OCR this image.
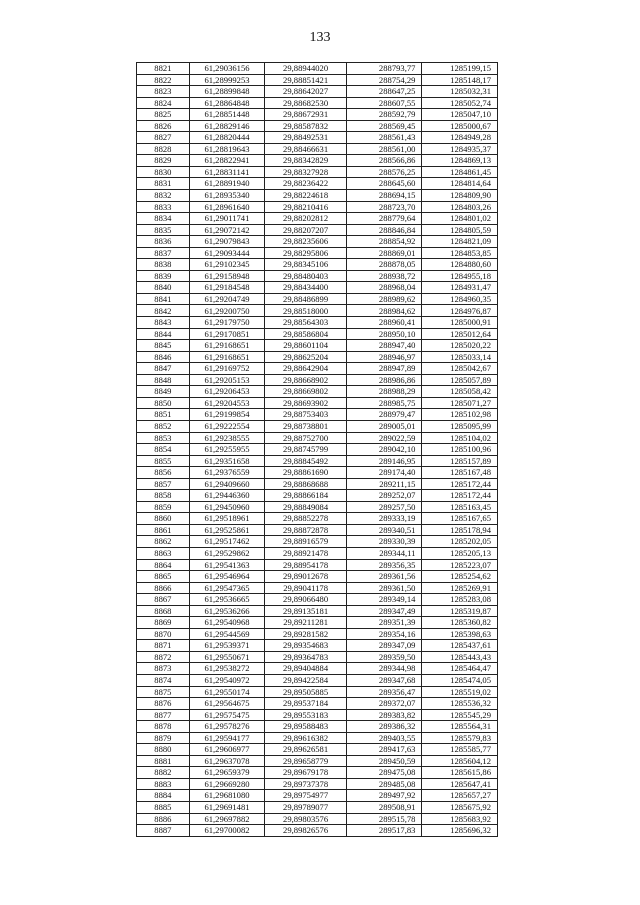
133
8821	61,29036156	29,88944020	288793,77	1285199,15
8822	61,28999253	29,88851421	288754,29	1285148,17
8823	61,28899848	29,88642027	288647,25	1285032,31
8824	61,28864848	29,88682530	288607,55	1285052,74
8825	61,28851448	29,88672931	288592,79	1285047,10
8826	61,28829146	29,88587832	288569,45	1285000,67
8827	61,28820444	29,88492531	288561,43	1284949,28
8828	61,28819643	29,88466631	288561,00	1284935,37
8829	61,28822941	29,88342829	288566,86	1284869,13
8830	61,28831141	29,88327928	288576,25	1284861,45
8831	61,28891940	29,88236422	288645,60	1284814,64
8832	61,28935340	29,88224618	288694,15	1284809,90
8833	61,28961640	29,88210416	288723,70	1284803,26
8834	61,29011741	29,88202812	288779,64	1284801,02
8835	61,29072142	29,88207207	288846,84	1284805,59
8836	61,29079843	29,88235606	288854,92	1284821,09
8837	61,29093444	29,88295806	288869,01	1284853,85
8838	61,29102345	29,88345106	288878,05	1284880,60
8839	61,29158948	29,88480403	288938,72	1284955,18
8840	61,29184548	29,88434400	288968,04	1284931,47
8841	61,29204749	29,88486899	288989,62	1284960,35
8842	61,29200750	29,88518000	288984,62	1284976,87
8843	61,29179750	29,88564303	288960,41	1285000,91
8844	61,29170851	29,88586804	288950,10	1285012,64
8845	61,29168651	29,88601104	288947,40	1285020,22
8846	61,29168651	29,88625204	288946,97	1285033,14
8847	61,29169752	29,88642904	288947,89	1285042,67
8848	61,29205153	29,88668902	288986,86	1285057,89
8849	61,29206453	29,88669802	288988,29	1285058,42
8850	61,29204553	29,88693902	288985,75	1285071,27
8851	61,29199854	29,88753403	288979,47	1285102,98
8852	61,29222554	29,88738801	289005,01	1285095,99
8853	61,29238555	29,88752700	289022,59	1285104,02
8854	61,29255955	29,88745799	289042,10	1285100,96
8855	61,29351658	29,88845492	289146,95	1285157,89
8856	61,29376559	29,88861690	289174,40	1285167,48
8857	61,29409660	29,88868688	289211,15	1285172,44
8858	61,29446360	29,88866184	289252,07	1285172,44
8859	61,29450960	29,88849084	289257,50	1285163,45
8860	61,29518961	29,88852278	289333,19	1285167,65
8861	61,29525861	29,88872878	289340,51	1285178,94
8862	61,29517462	29,88916579	289330,39	1285202,05
8863	61,29529862	29,88921478	289344,11	1285205,13
8864	61,29541363	29,88954178	289356,35	1285223,07
8865	61,29546964	29,89012678	289361,56	1285254,62
8866	61,29547365	29,89041178	289361,50	1285269,91
8867	61,29536665	29,89066480	289349,14	1285283,08
8868	61,29536266	29,89135181	289347,49	1285319,87
8869	61,29540968	29,89211281	289351,39	1285360,82
8870	61,29544569	29,89281582	289354,16	1285398,63
8871	61,29539371	29,89354683	289347,09	1285437,61
8872	61,29550671	29,89364783	289359,50	1285443,43
8873	61,29538272	29,89404884	289344,98	1285464,47
8874	61,29540972	29,89422584	289347,68	1285474,05
8875	61,29550174	29,89505885	289356,47	1285519,02
8876	61,29564675	29,89537184	289372,07	1285536,32
8877	61,29575475	29,89553183	289383,82	1285545,29
8878	61,29578276	29,89588483	289386,32	1285564,31
8879	61,29594177	29,89616382	289403,55	1285579,83
8880	61,29606977	29,89626581	289417,63	1285585,77
8881	61,29637078	29,89658779	289450,59	1285604,12
8882	61,29659379	29,89679178	289475,08	1285615,86
8883	61,29669280	29,89737378	289485,08	1285647,41
8884	61,29681080	29,89754977	289497,92	1285657,27
8885	61,29691481	29,89789077	289508,91	1285675,92
8886	61,29697882	29,89803576	289515,78	1285683,92
8887	61,29700082	29,89826576	289517,83	1285696,32
